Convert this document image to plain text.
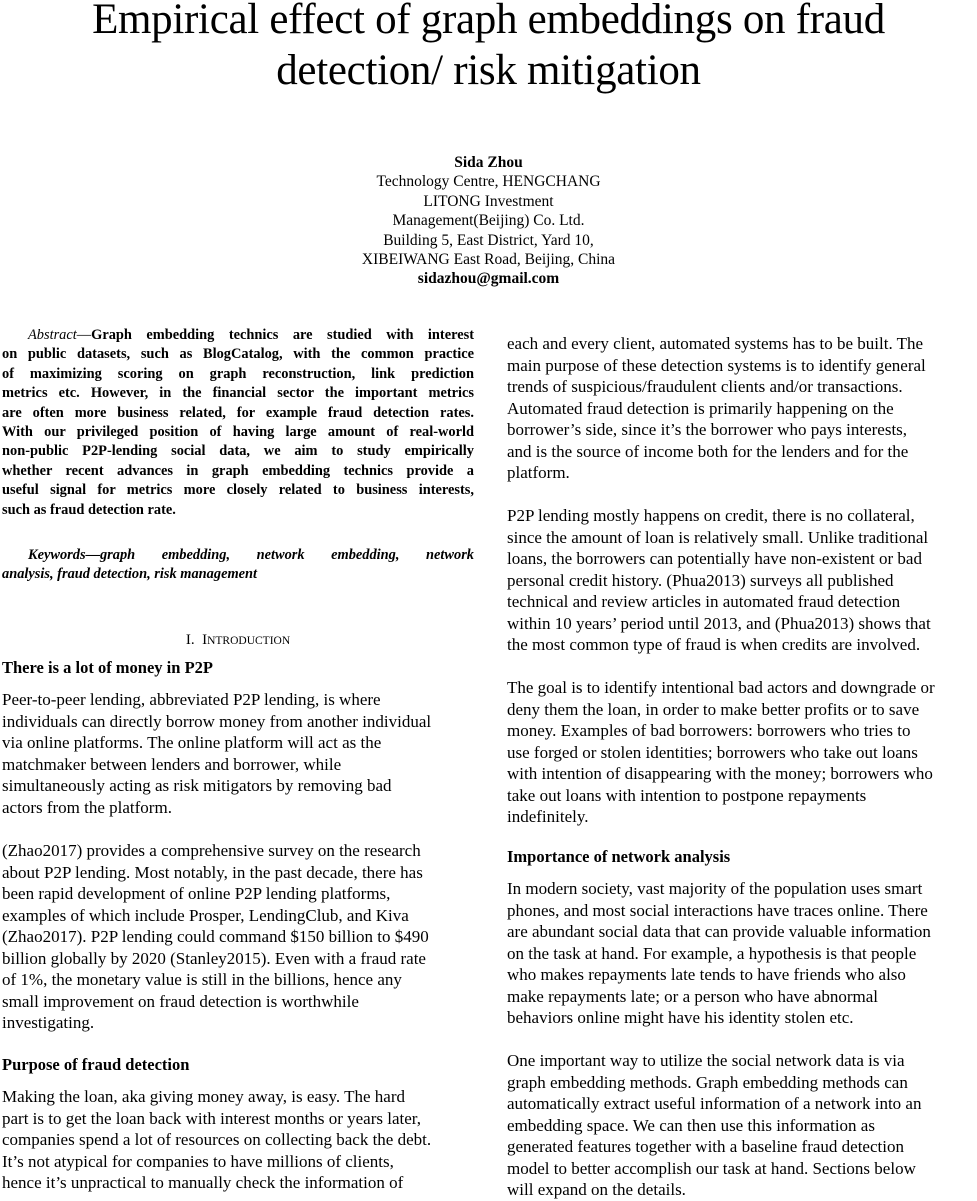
Empirical effect of graph embeddings on fraud
detection/ risk mitigation
Sida Zhou
Technology Centre, HENGCHANG
LITONG Investment
Management(Beijing) Co. Ltd.
Building 5, East District, Yard 10,
XIBEIWANG East Road, Beijing, China
sidazhou@gmail.com
Abstract—Graph embedding technics are studied with interest
on public datasets, such as BlogCatalog, with the common practice
of maximizing scoring on graph reconstruction, link prediction
metrics etc. However, in the financial sector the important metrics
are often more business related, for example fraud detection rates.
With our privileged position of having large amount of real-world
non-public P2P-lending social data, we aim to study empirically
whether recent advances in graph embedding technics provide a
useful signal for metrics more closely related to business interests,
such as fraud detection rate.
Keywords—graph embedding, network embedding, network
analysis, fraud detection, risk management
I. INTRODUCTION
There is a lot of money in P2P
Peer-to-peer lending, abbreviated P2P lending, is where
individuals can directly borrow money from another individual
via online platforms. The online platform will act as the
matchmaker between lenders and borrower, while
simultaneously acting as risk mitigators by removing bad
actors from the platform.
(Zhao2017) provides a comprehensive survey on the research
about P2P lending. Most notably, in the past decade, there has
been rapid development of online P2P lending platforms,
examples of which include Prosper, LendingClub, and Kiva
(Zhao2017). P2P lending could command $150 billion to $490
billion globally by 2020 (Stanley2015). Even with a fraud rate
of 1%, the monetary value is still in the billions, hence any
small improvement on fraud detection is worthwhile
investigating.
Purpose of fraud detection
Making the loan, aka giving money away, is easy. The hard
part is to get the loan back with interest months or years later,
companies spend a lot of resources on collecting back the debt.
It’s not atypical for companies to have millions of clients,
hence it’s unpractical to manually check the information of
each and every client, automated systems has to be built. The
main purpose of these detection systems is to identify general
trends of suspicious/fraudulent clients and/or transactions.
Automated fraud detection is primarily happening on the
borrower’s side, since it’s the borrower who pays interests,
and is the source of income both for the lenders and for the
platform.
P2P lending mostly happens on credit, there is no collateral,
since the amount of loan is relatively small. Unlike traditional
loans, the borrowers can potentially have non-existent or bad
personal credit history. (Phua2013) surveys all published
technical and review articles in automated fraud detection
within 10 years’ period until 2013, and (Phua2013) shows that
the most common type of fraud is when credits are involved.
The goal is to identify intentional bad actors and downgrade or
deny them the loan, in order to make better profits or to save
money. Examples of bad borrowers: borrowers who tries to
use forged or stolen identities; borrowers who take out loans
with intention of disappearing with the money; borrowers who
take out loans with intention to postpone repayments
indefinitely.
Importance of network analysis
In modern society, vast majority of the population uses smart
phones, and most social interactions have traces online. There
are abundant social data that can provide valuable information
on the task at hand. For example, a hypothesis is that people
who makes repayments late tends to have friends who also
make repayments late; or a person who have abnormal
behaviors online might have his identity stolen etc.
One important way to utilize the social network data is via
graph embedding methods. Graph embedding methods can
automatically extract useful information of a network into an
embedding space. We can then use this information as
generated features together with a baseline fraud detection
model to better accomplish our task at hand. Sections below
will expand on the details.
